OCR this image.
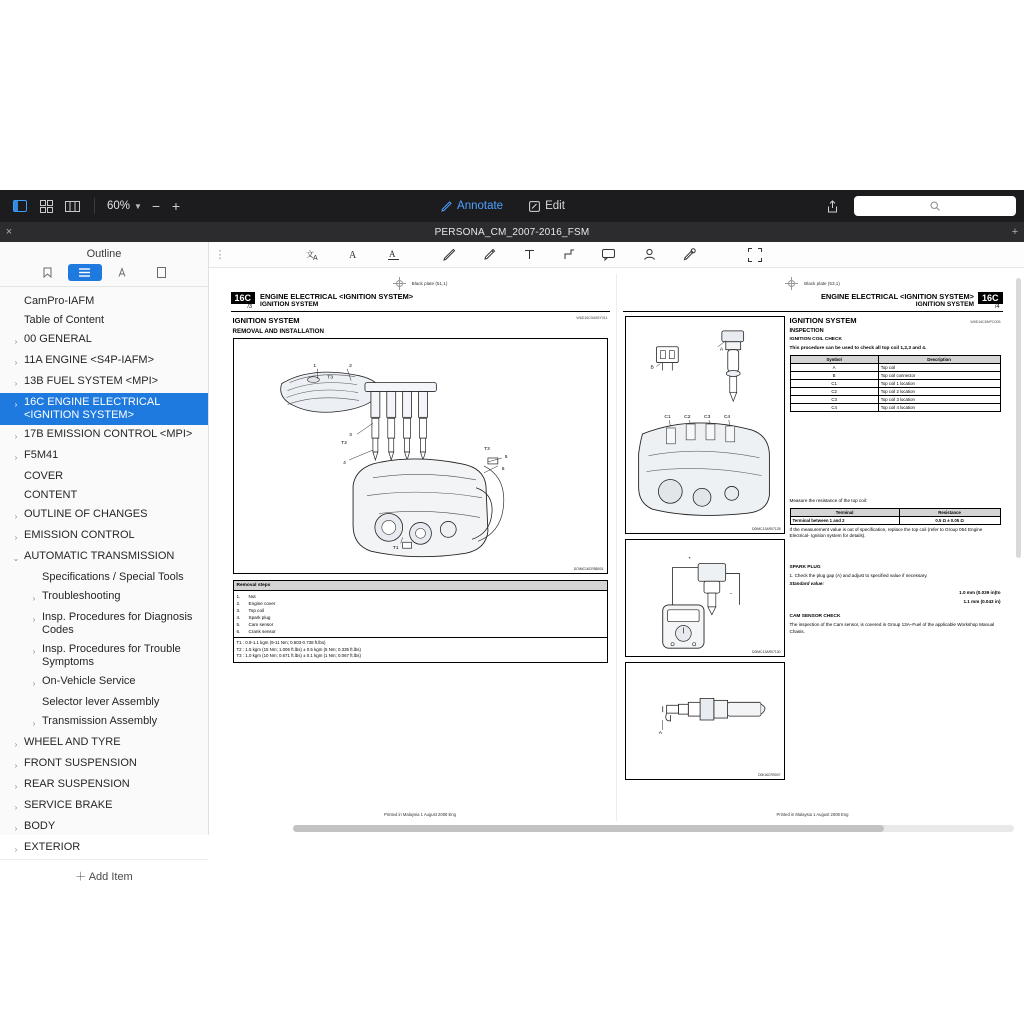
60% ▼ − +	Annotate	Edit
×	PERSONA_CM_2007-2016_FSM	+
Outline
CamPro-IAFM
Table of Content
› 00 GENERAL
› 11A ENGINE <S4P-IAFM>
› 13B FUEL SYSTEM <MPI>
› 16C ENGINE ELECTRICAL <IGNITION SYSTEM>
› 17B EMISSION CONTROL <MPI>
› F5M41
COVER
CONTENT
› OUTLINE OF CHANGES
› EMISSION CONTROL
⌄ AUTOMATIC TRANSMISSION
Specifications / Special Tools
› Troubleshooting
› Insp. Procedures for Diagnosis Codes
› Insp. Procedures for Trouble Symptoms
› On-Vehicle Service
Selector lever Assembly
› Transmission Assembly
› WHEEL AND TYRE
› FRONT SUSPENSION
› REAR SUSPENSION
› SERVICE BRAKE
› BODY
› EXTERIOR
＋ Add Item
⋮	文 A	A	A
Black plate (51,1)
16C
/3
ENGINE ELECTRICAL <IGNITION SYSTEM>
IGNITION SYSTEM
IGNITION SYSTEM	W6D16C5A55Y011
REMOVAL AND INSTALLATION
1	2
3
4
5
6
T3
T2
T3
T1
DOIMC16CR8B001
Removal steps
1.	Nut
2.	Engine cover
3.	Top coil
4.	Spark plug
5.	Cam sensor
6.	Crank sensor
T1 : 0.9-1.1 kgm (9-11 Nm; 0.603-0.738 ft.lbs)
T2 : 1.5 kgm (15 Nm; 1.006 ft.lbs) ± 0.5 kgm (5 Nm; 0.335 ft.lbs)
T3 : 1.0 kgm (10 Nm; 0.671 ft.lbs) ± 0.1 kgm (1 Nm; 0.067 ft.lbs)
Printed in Malaysia 1 August 2008 Eng
Black plate (53,1)
ENGINE ELECTRICAL <IGNITION SYSTEM>
IGNITION SYSTEM
16C
/4
A
B
C1	C2	C3	C4
D0IMC13AR07128
+
−
D0IMC13AR07130
A
D0II16CR9007
IGNITION SYSTEM	W6D16C6NPC005
INSPECTION
IGNITION COIL CHECK
This procedure can be used to check all top coil 1,2,3 and 4.
Symbol	Description
A	Top coil
B	Top coil connector
C1	Top coil 1 location
C2	Top coil 2 location
C3	Top coil 3 location
C4	Top coil 4 location
Measure the resistance of the top coil:
Terminal	Resistance
Terminal between 1 and 2	0.5 Ω ± 0.05 Ω
If the measurement value is out of specification, replace the top coil (refer to Group 054 Engine Electrical- Ignition system for details).
SPARK PLUG
1. Check the plug gap (A) and adjust to specified value if necessary.
Standard value:
1.0 mm (0.039 in)to
1.1 mm (0.043 in)
CAM SENSOR CHECK
The inspection of the Cam sensor, is covered in Group 13A–Fuel of the applicable Workshop Manual Chasis.
Printed in Malaysia 1 August 2008 Eng
